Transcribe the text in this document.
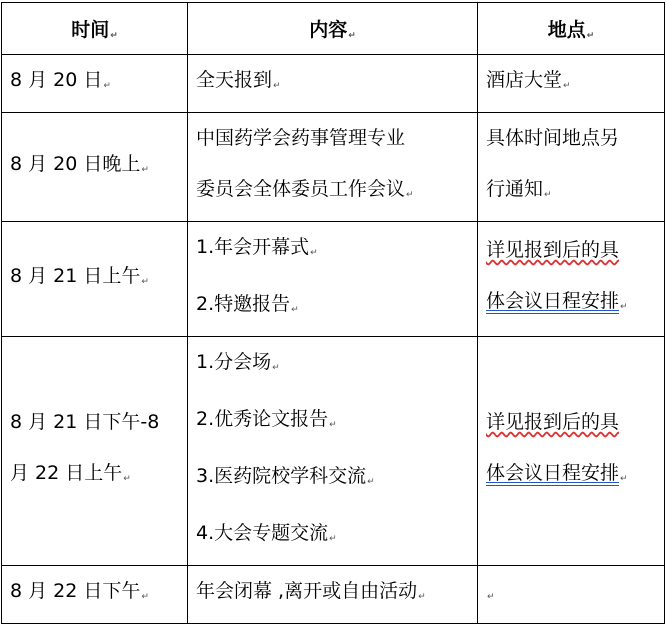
时间↵	内容↵	地点↵

8 月 20 日↵	全天报到↵	酒店大堂↵

8 月 20 日晚上↵	中国药学会药事管理专业
委员会全体委员工作会议↵	具体时间地点另
行通知↵

8 月 21 日上午↵	1.年会开幕式↵
2.特邀报告↵	详见报到后的具
体会议日程安排↵

8 月 21 日下午-8
月 22 日上午↵	1.分会场↵
2.优秀论文报告↵
3.医药院校学科交流↵
4.大会专题交流↵	详见报到后的具
体会议日程安排↵

8 月 22 日下午↵	年会闭幕 ,离开或自由活动↵	↵
